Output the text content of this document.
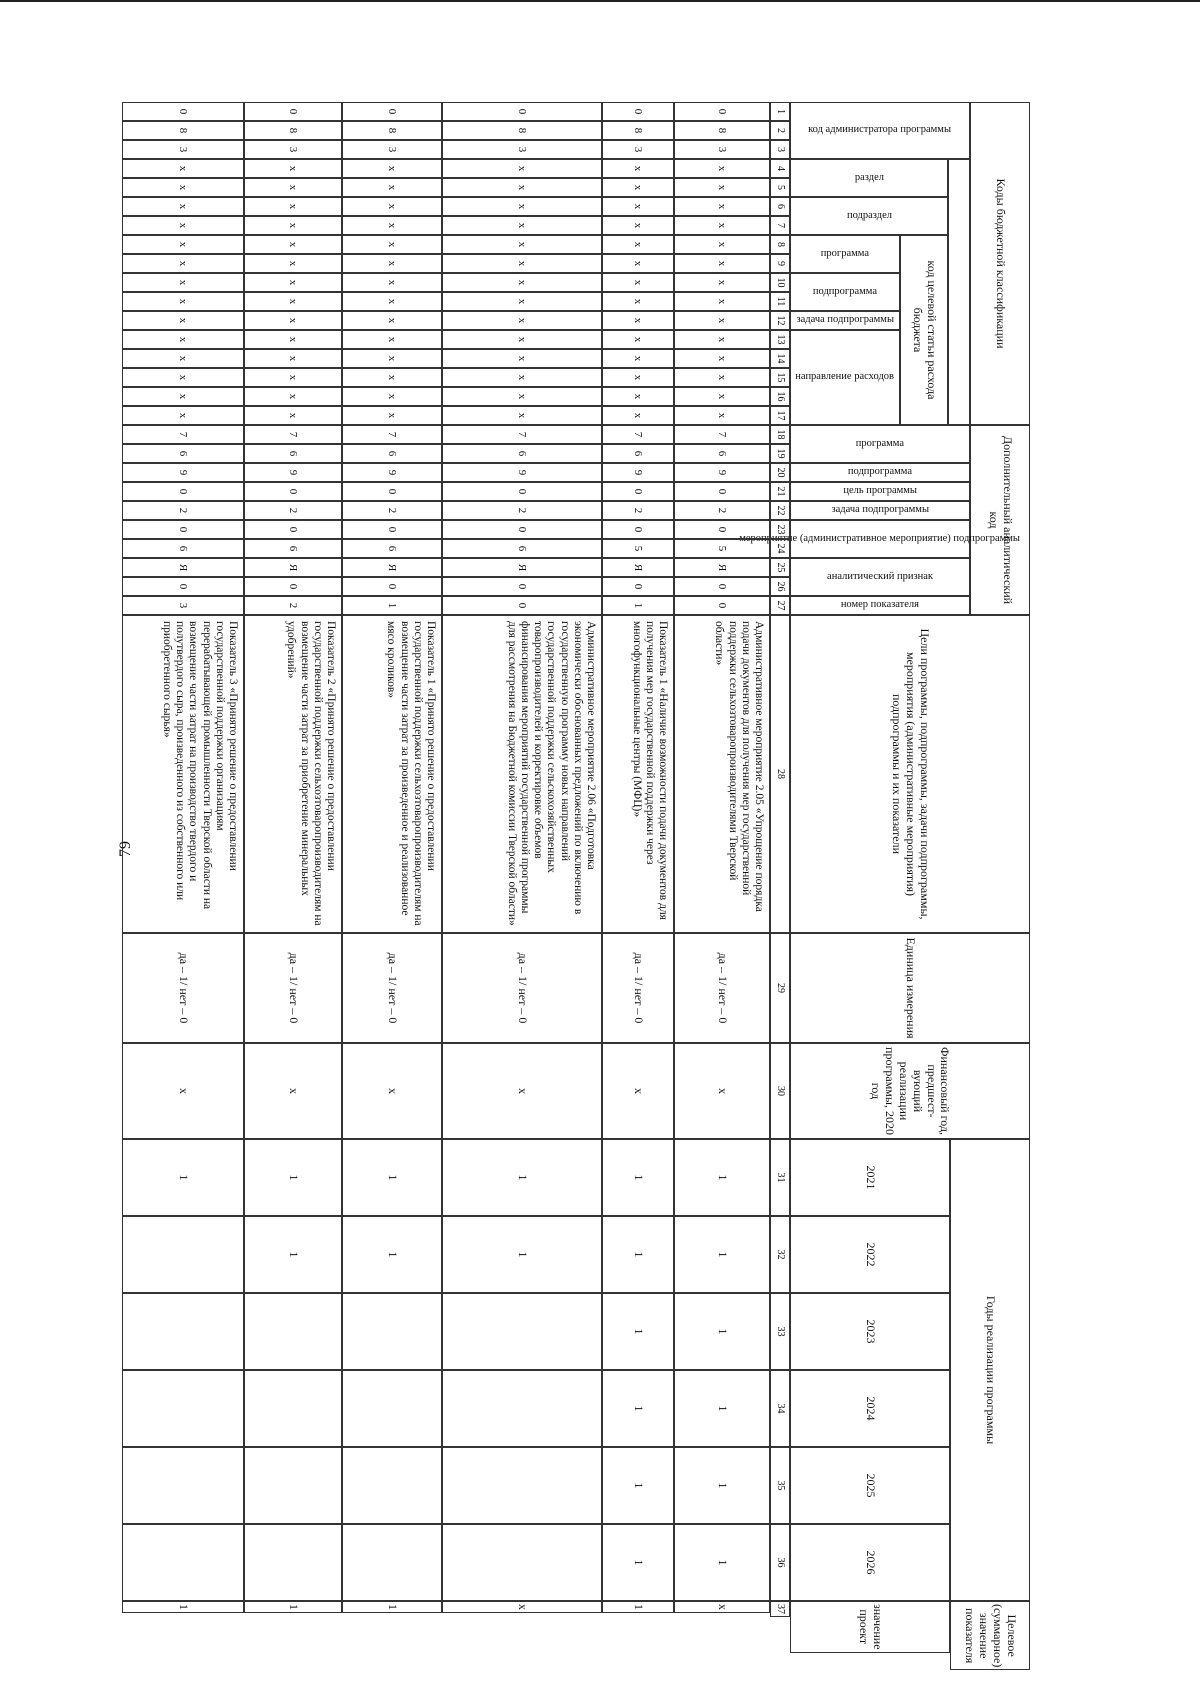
79
Коды бюджетной классификации
код администратора программы
раздел
подраздел
код целевой статьи расхода бюджета
программа
подпрограмма
задача подпрограммы
направление расходов
Дополнительный аналитический код
программа
подпрограмма
цель программы
задача подпрограммы
мероприятие (административное мероприятие) подпрограммы
аналитический признак
номер показателя
Цели программы, подпрограммы, задачи подпрограммы, мероприятия (административные мероприятия) подпрограммы и их показатели
Единица измерения
Финансовый год, предшест-вующий реализации программы, 2020 год
Годы реализации программы
2021
2022
2023
2024
2025
2026
Целевое (суммарное) значение показателя
значение проект
1
2
3
4
5
6
7
8
9
10
11
12
13
14
15
16
17
18
19
20
21
22
23
24
25
26
27
28
29
30
31
32
33
34
35
36
37
0
8
3
x
x
x
x
x
x
x
x
x
x
x
x
x
x
7
6
9
0
2
0
5
Я
0
0
Административное мероприятие 2.05 «Упрощение порядка подачи документов для получения мер государственной поддержки сельхозтоваропроизводителями Тверской области»
да – 1/ нет – 0
x
1
1
1
1
1
1
x
0
8
3
x
x
x
x
x
x
x
x
x
x
x
x
x
x
7
6
9
0
2
0
5
Я
0
1
Показатель 1 «Наличие возможности подачи документов для получения мер государственной поддержки через многофункциональные центры (МФЦ)»
да – 1/ нет – 0
x
1
1
1
1
1
1
1
0
8
3
x
x
x
x
x
x
x
x
x
x
x
x
x
x
7
6
9
0
2
0
6
Я
0
0
Административное мероприятие 2.06 «Подготовка экономически обоснованных предложений по включению в государственную программу новых направлений государственной поддержки сельскохозяйственных товаропроизводителей и корректировке объемов финансирования мероприятий государственной программы для рассмотрения на Бюджетной комиссии Тверской области»
да – 1/ нет – 0
x
1
1
x
0
8
3
x
x
x
x
x
x
x
x
x
x
x
x
x
x
7
6
9
0
2
0
6
Я
0
1
Показатель 1 «Принято решение о предоставлении государственной поддержки сельхозтоваропроизводителям на возмещение части затрат за произведенное и реализованное мясо кроликов»
да – 1/ нет – 0
x
1
1
1
0
8
3
x
x
x
x
x
x
x
x
x
x
x
x
x
x
7
6
9
0
2
0
6
Я
0
2
Показатель 2 «Принято решение о предоставлении государственной поддержки сельхозтоваропроизводителям на возмещение части затрат за приобретение минеральных удобрений»
да – 1/ нет – 0
x
1
1
1
0
8
3
x
x
x
x
x
x
x
x
x
x
x
x
x
x
7
6
9
0
2
0
6
Я
0
3
Показатель 3 «Принято решение о предоставлении государственной поддержки организациям перерабатывающей промышленности Тверской области на возмещение части затрат на производство твердого и полутвердого сыра, произведенного из собственного или приобретенного сырья»
да – 1/ нет – 0
x
1
1
